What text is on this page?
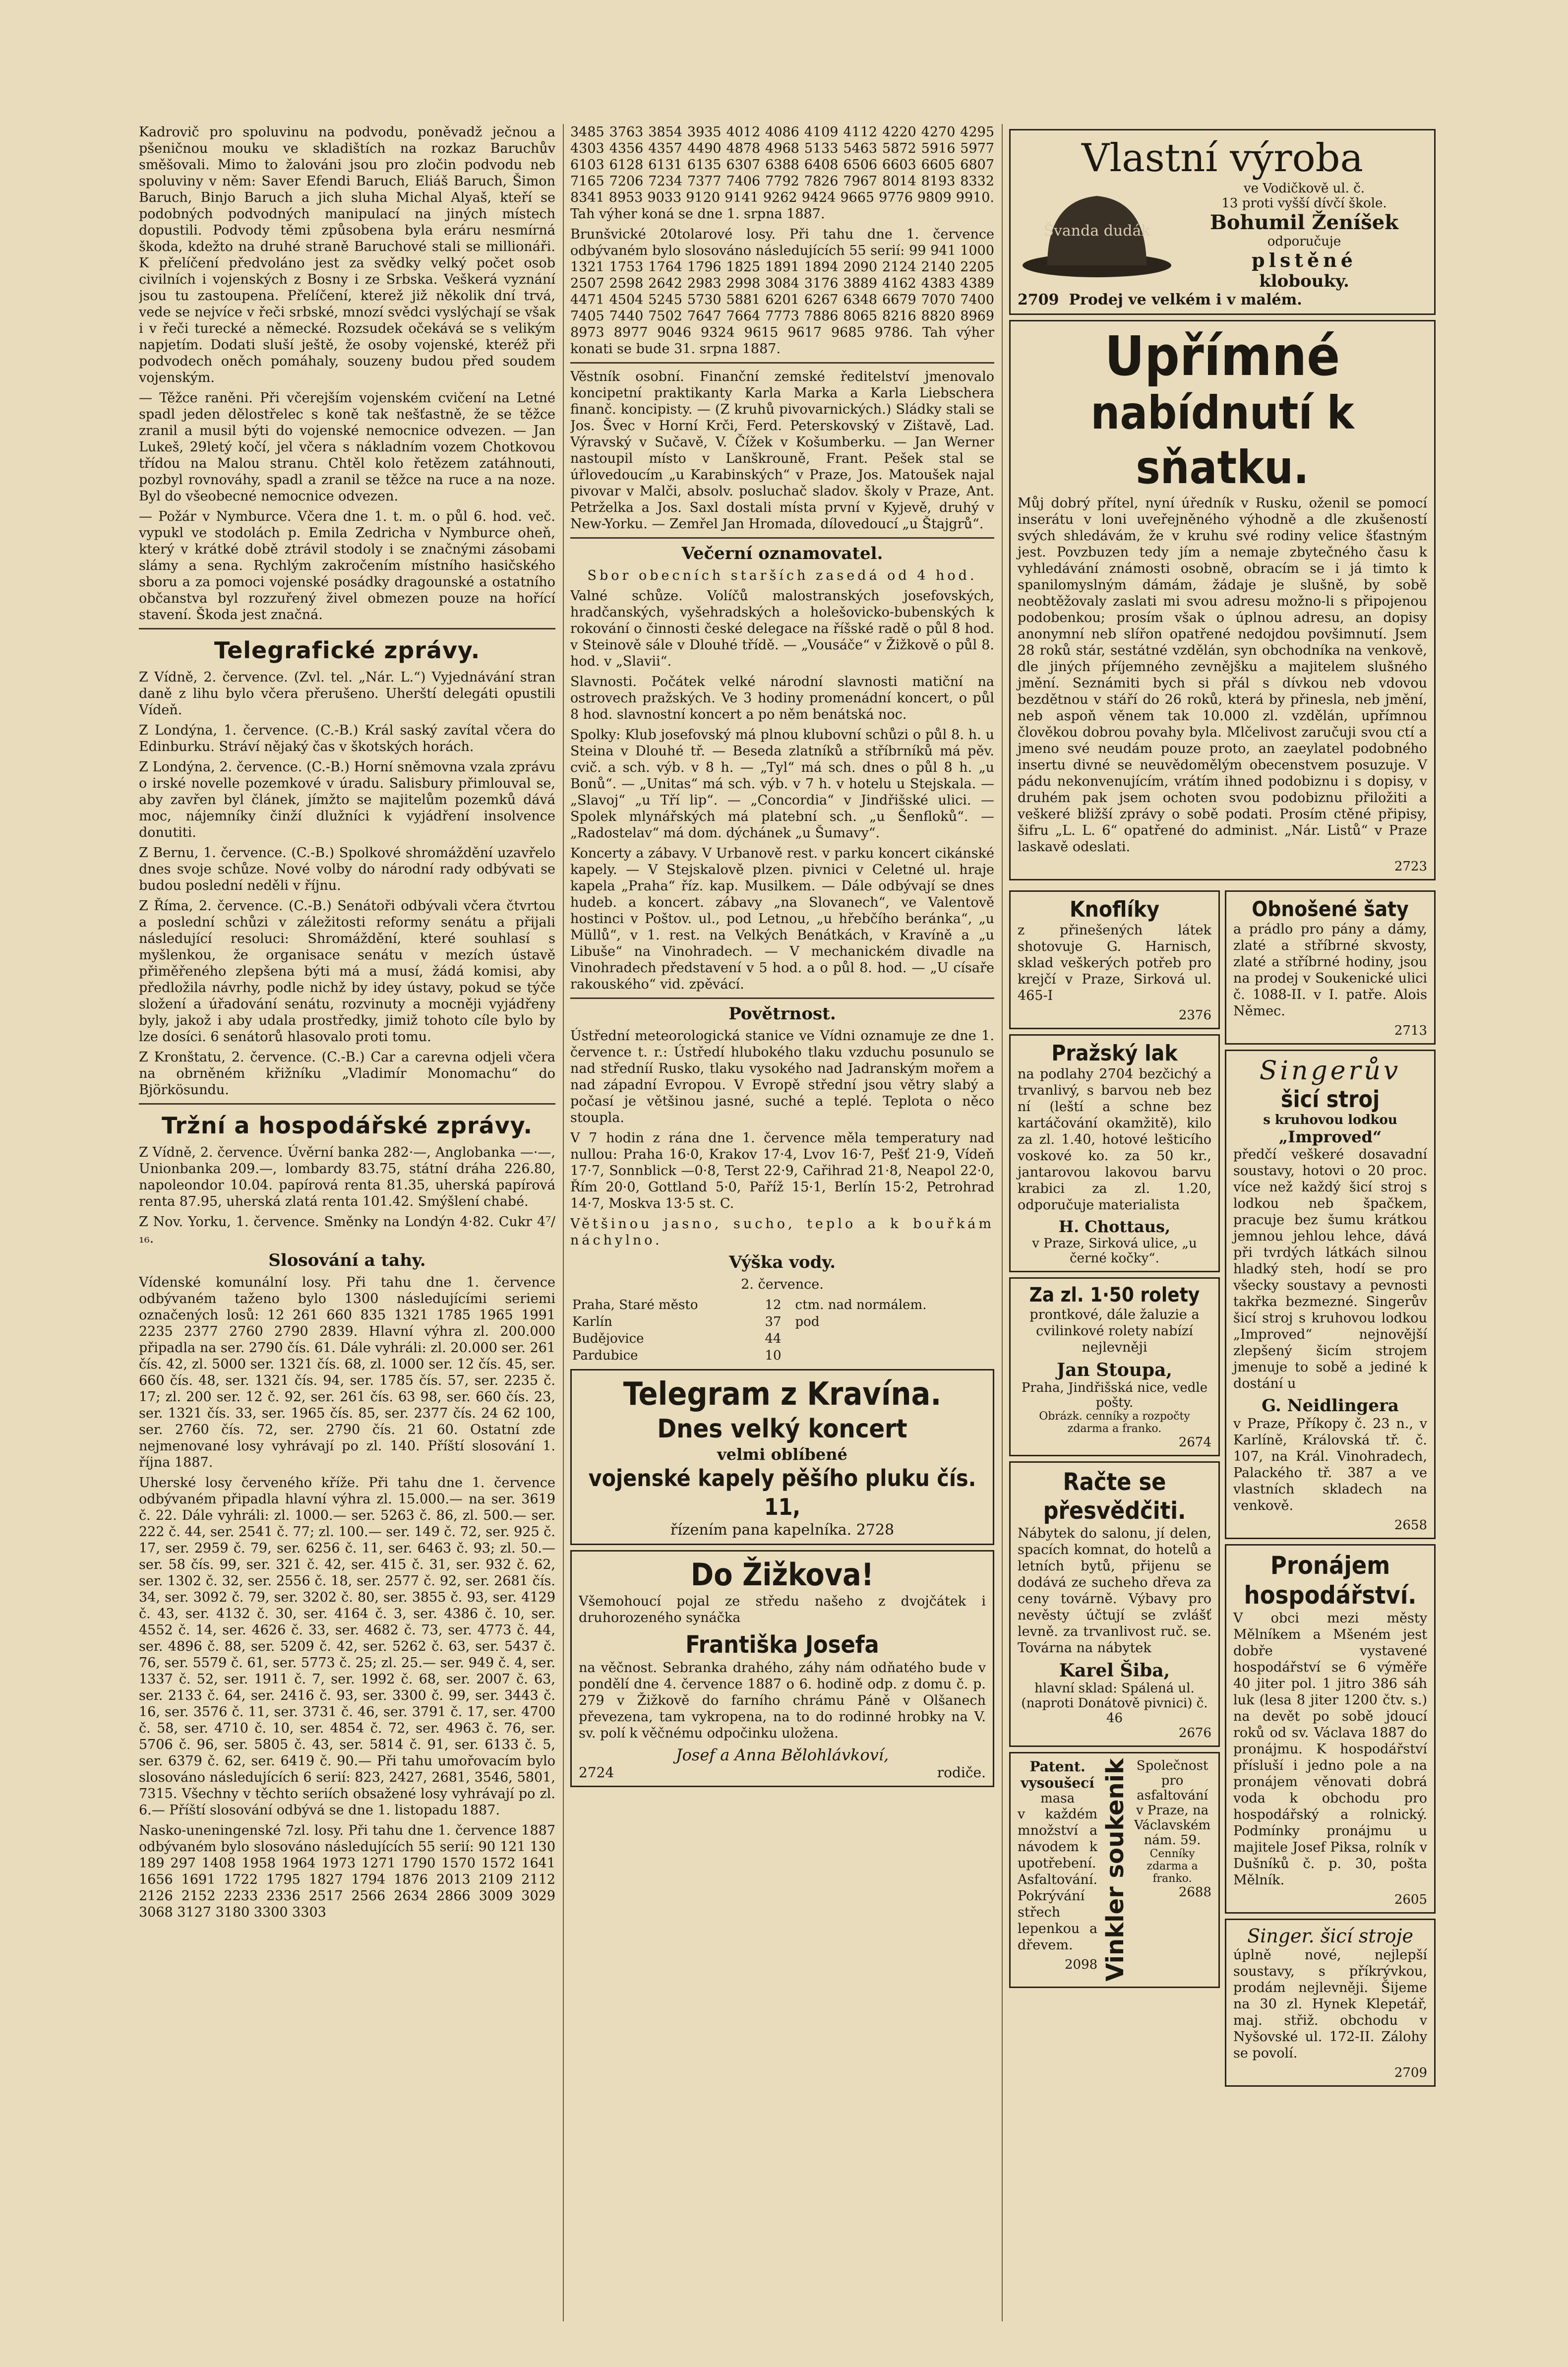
Kadrovič pro spoluvinu na podvodu, poněvadž ječnou a pšeničnou mouku ve skladištích na rozkaz Baruchův směšovali. Mimo to žalováni jsou pro zločin podvodu neb spoluviny v něm: Saver Efendi Baruch, Eliáš Baruch, Šimon Baruch, Binjo Baruch a jich sluha Michal Alyaš, kteří se podobných podvodných manipulací na jiných místech dopustili. Podvody těmi způsobena byla eráru nesmírná škoda, kdežto na druhé straně Baruchové stali se millionáři. K přelíčení předvoláno jest za svědky velký počet osob civilních i vojenských z Bosny i ze Srbska. Veškerá vyznání jsou tu zastoupena. Přelíčení, kterež již několik dní trvá, vede se nejvíce v řeči srbské, mnozí svědci vyslýchají se však i v řeči turecké a německé. Rozsudek očekává se s velikým napjetím. Dodati sluší ještě, že osoby vojenské, kteréž při podvodech oněch pomáhaly, souzeny budou před soudem vojenským.

— Těžce raněni. Při včerejším vojenském cvičení na Letné spadl jeden dělostřelec s koně tak nešťastně, že se těžce zranil a musil býti do vojenské nemocnice odvezen. — Jan Lukeš, 29letý kočí, jel včera s nákladním vozem Chotkovou třídou na Malou stranu. Chtěl kolo řetězem zatáhnouti, pozbyl rovnováhy, spadl a zranil se těžce na ruce a na noze. Byl do všeobecné nemocnice odvezen.

— Požár v Nymburce. Včera dne 1. t. m. o půl 6. hod. več. vypukl ve stodolách p. Emila Zedricha v Nymburce oheň, který v krátké době ztrávil stodoly i se značnými zásobami slámy a sena. Rychlým zakročením místního hasičského sboru a za pomoci vojenské posádky dragounské a ostatního občanstva byl rozzuřený živel obmezen pouze na hořící stavení. Škoda jest značná.

Telegrafické zprávy.

Z Vídně, 2. července. (Zvl. tel. „Nár. L.“) Vyjednávání stran daně z lihu bylo včera přerušeno. Uherští delegáti opustili Vídeň.

Z Londýna, 1. července. (C.-B.) Král saský zavítal včera do Edinburku. Stráví nějaký čas v škotských horách.

Z Londýna, 2. července. (C.-B.) Horní sněmovna vzala zprávu o irské novelle pozemkové v úradu. Salisbury přimlouval se, aby zavřen byl článek, jímžto se majitelům pozemků dává moc, nájemníky činží dlužníci k vyjádření insolvence donutiti.

Z Bernu, 1. července. (C.-B.) Spolkové shromáždění uzavřelo dnes svoje schůze. Nové volby do národní rady odbývati se budou poslední neděli v říjnu.

Z Říma, 2. července. (C.-B.) Senátoři odbývali včera čtvrtou a poslední schůzi v záležitosti reformy senátu a přijali následující resoluci: Shromáždění, které souhlasí s myšlenkou, že organisace senátu v mezích ústavě přiměřeného zlepšena býti má a musí, žádá komisi, aby předložila návrhy, podle nichž by idey ústavy, pokud se týče složení a úřadování senátu, rozvinuty a mocněji vyjádřeny byly, jakož i aby udala prostředky, jimiž tohoto cíle bylo by lze dosíci. 6 senátorů hlasovalo proti tomu.

Z Kronštatu, 2. července. (C.-B.) Car a carevna odjeli včera na obrněném křižníku „Vladimír Monomachu“ do Björkösundu.

Tržní a hospodářské zprávy.

Z Vídně, 2. července. Úvěrní banka 282·—, Anglobanka —·—, Unionbanka 209.—, lombardy 83.75, státní dráha 226.80, napoleondor 10.04. papírová renta 81.35, uherská papírová renta 87.95, uherská zlatá renta 101.42. Smýšlení chabé.

Z Nov. Yorku, 1. července. Směnky na Londýn 4·82. Cukr 4⁷/₁₆.

Slosování a tahy.

Vídenské komunální losy. Při tahu dne 1. července odbývaném taženo bylo 1300 následujícími seriemi označených losů: 12 261 660 835 1321 1785 1965 1991 2235 2377 2760 2790 2839. Hlavní výhra zl. 200.000 připadla na ser. 2790 čís. 61. Dále vyhráli: zl. 20.000 ser. 261 čís. 42, zl. 5000 ser. 1321 čís. 68, zl. 1000 ser. 12 čís. 45, ser. 660 čís. 48, ser. 1321 čís. 94, ser. 1785 čís. 57, ser. 2235 č. 17; zl. 200 ser. 12 č. 92, ser. 261 čís. 63 98, ser. 660 čís. 23, ser. 1321 čís. 33, ser. 1965 čís. 85, ser. 2377 čís. 24 62 100, ser. 2760 čís. 72, ser. 2790 čís. 21 60. Ostatní zde nejmenované losy vyhrávají po zl. 140. Příští slosování 1. října 1887.

Uherské losy červeného kříže. Při tahu dne 1. července odbývaném připadla hlavní výhra zl. 15.000.— na ser. 3619 č. 22. Dále vyhráli: zl. 1000.— ser. 5263 č. 86, zl. 500.— ser. 222 č. 44, ser. 2541 č. 77; zl. 100.— ser. 149 č. 72, ser. 925 č. 17, ser. 2959 č. 79, ser. 6256 č. 11, ser. 6463 č. 93; zl. 50.— ser. 58 čís. 99, ser. 321 č. 42, ser. 415 č. 31, ser. 932 č. 62, ser. 1302 č. 32, ser. 2556 č. 18, ser. 2577 č. 92, ser. 2681 čís. 34, ser. 3092 č. 79, ser. 3202 č. 80, ser. 3855 č. 93, ser. 4129 č. 43, ser. 4132 č. 30, ser. 4164 č. 3, ser. 4386 č. 10, ser. 4552 č. 14, ser. 4626 č. 33, ser. 4682 č. 73, ser. 4773 č. 44, ser. 4896 č. 88, ser. 5209 č. 42, ser. 5262 č. 63, ser. 5437 č. 76, ser. 5579 č. 61, ser. 5773 č. 25; zl. 25.— ser. 949 č. 4, ser. 1337 č. 52, ser. 1911 č. 7, ser. 1992 č. 68, ser. 2007 č. 63, ser. 2133 č. 64, ser. 2416 č. 93, ser. 3300 č. 99, ser. 3443 č. 16, ser. 3576 č. 11, ser. 3731 č. 46, ser. 3791 č. 17, ser. 4700 č. 58, ser. 4710 č. 10, ser. 4854 č. 72, ser. 4963 č. 76, ser. 5706 č. 96, ser. 5805 č. 43, ser. 5814 č. 91, ser. 6133 č. 5, ser. 6379 č. 62, ser. 6419 č. 90.— Při tahu umořovacím bylo slosováno následujících 6 serií: 823, 2427, 2681, 3546, 5801, 7315. Všechny v těchto seriích obsažené losy vyhrávají po zl. 6.— Příští slosování odbývá se dne 1. listopadu 1887.

Nasko-uneningenské 7zl. losy. Při tahu dne 1. července 1887 odbývaném bylo slosováno následujících 55 serií: 90 121 130 189 297 1408 1958 1964 1973 1271 1790 1570 1572 1641 1656 1691 1722 1795 1827 1794 1876 2013 2109 2112 2126 2152 2233 2336 2517 2566 2634 2866 3009 3029 3068 3127 3180 3300 3303

3485 3763 3854 3935 4012 4086 4109 4112 4220 4270 4295 4303 4356 4357 4490 4878 4968 5133 5463 5872 5916 5977 6103 6128 6131 6135 6307 6388 6408 6506 6603 6605 6807 7165 7206 7234 7377 7406 7792 7826 7967 8014 8193 8332 8341 8953 9033 9120 9141 9262 9424 9665 9776 9809 9910. Tah výher koná se dne 1. srpna 1887.

Brunšvické 20tolarové losy. Při tahu dne 1. července odbývaném bylo slosováno následujících 55 serií: 99 941 1000 1321 1753 1764 1796 1825 1891 1894 2090 2124 2140 2205 2507 2598 2642 2983 2998 3084 3176 3889 4162 4383 4389 4471 4504 5245 5730 5881 6201 6267 6348 6679 7070 7400 7405 7440 7502 7647 7664 7773 7886 8065 8216 8820 8969 8973 8977 9046 9324 9615 9617 9685 9786. Tah výher konati se bude 31. srpna 1887.

Věstník osobní. Finanční zemské ředitelství jmenovalo koncipetní praktikanty Karla Marka a Karla Liebschera finanč. koncipisty. — (Z kruhů pivovarnických.) Sládky stali se Jos. Švec v Horní Krči, Ferd. Peterskovský v Zištavě, Lad. Výravský v Sučavě, V. Čížek v Košumberku. — Jan Werner nastoupil místo v Lanškrouně, Frant. Pešek stal se úřlovedoucím „u Karabinských“ v Praze, Jos. Matoušek najal pivovar v Malči, absolv. posluchač sladov. školy v Praze, Ant. Petrželka a Jos. Saxl dostali místa první v Kyjevě, druhý v New-Yorku. — Zemřel Jan Hromada, dílovedoucí „u Štajgrů“.

Večerní oznamovatel.

Sbor obecních starších zasedá od 4 hod.

Valné schůze. Volíčů malostranských josefovských, hradčanských, vyšehradských a holešovicko-bubenských k rokování o činnosti české delegace na říšské radě o půl 8 hod. v Steinově sále v Dlouhé třídě. — „Vousáče“ v Žižkově o půl 8. hod. v „Slavii“.

Slavnosti. Počátek velké národní slavnosti matiční na ostrovech pražských. Ve 3 hodiny promenádní koncert, o půl 8 hod. slavnostní koncert a po něm benátská noc.

Spolky: Klub josefovský má plnou klubovní schůzi o půl 8. h. u Steina v Dlouhé tř. — Beseda zlatníků a stříbrníků má pěv. cvič. a sch. výb. v 8 h. — „Tyl“ má sch. dnes o půl 8 h. „u Bonů“. — „Unitas“ má sch. výb. v 7 h. v hotelu u Stejskala. — „Slavoj“ „u Tří lip“. — „Concordia“ v Jindřišské ulici. — Spolek mlynářských má platební sch. „u Šenfloků“. — „Radostelav“ má dom. dýchánek „u Šumavy“.

Koncerty a zábavy. V Urbanově rest. v parku koncert cikánské kapely. — V Stejskalově plzen. pivnici v Celetné ul. hraje kapela „Praha“ říz. kap. Musilkem. — Dále odbývají se dnes hudeb. a koncert. zábavy „na Slovanech“, ve Valentově hostinci v Poštov. ul., pod Letnou, „u hřebčího beránka“, „u Müllů“, v 1. rest. na Velkých Benátkách, v Kravíně a „u Libuše“ na Vinohradech. — V mechanickém divadle na Vinohradech představení v 5 hod. a o půl 8. hod. — „U císaře rakouského“ vid. zpěvácí.

Povětrnost.

Ústřední meteorologická stanice ve Vídni oznamuje ze dne 1. července t. r.: Ústředí hlubokého tlaku vzduchu posunulo se nad středníí Rusko, tlaku vysokého nad Jadranským mořem a nad západní Evropou. V Evropě střední jsou větry slabý a počasí je většinou jasné, suché a teplé. Teplota o něco stoupla.

V 7 hodin z rána dne 1. července měla temperatury nad nullou: Praha 16·0, Krakov 17·4, Lvov 16·7, Pešť 21·9, Vídeň 17·7, Sonnblick —0·8, Terst 22·9, Cařihrad 21·8, Neapol 22·0, Řím 20·0, Gottland 5·0, Paříž 15·1, Berlín 15·2, Petrohrad 14·7, Moskva 13·5 st. C.

Většinou jasno, sucho, teplo a k bouřkám náchylno.

Výška vody.

2. července.

Praha, Staré město	12	ctm. nad normálem.
Karlín	37	pod
Budějovice	44	
Pardubice	10	
Telegram z Kravína.
Dnes velký koncert
velmi oblíbené
vojenské kapely pěšího pluku čís. 11,
řízením pana kapelníka. 2728
Do Žižkova!

Všemohoucí pojal ze středu našeho z dvojčátek i druhorozeného synáčka

Františka Josefa

na věčnost. Sebranka drahého, záhy nám odňatého bude v pondělí dne 4. července 1887 o 6. hodině odp. z domu č. p. 279 v Žižkově do farního chrámu Páně v Olšanech převezena, tam vykropena, na to do rodinné hrobky na V. sv. polí k věčnému odpočinku uložena.

Josef a Anna Bělohlávkoví,
2724	rodiče.
Vlastní výroba
Švanda dudák
ve Vodičkově ul. č.
13 proti vyšší dívčí škole.
Bohumil Ženíšek
odporučuje
plstěné
klobouky.
2709 Prodej ve velkém i v malém.
Upřímné
nabídnutí k sňatku.

Můj dobrý přítel, nyní úředník v Rusku, oženil se pomocí inserátu v loni uveřejněného výhodně a dle zkušeností svých shledávám, že v kruhu své rodiny velice šťastným jest. Povzbuzen tedy jím a nemaje zbytečného času k vyhledávání známosti osobně, obracím se i já timto k spanilomyslným dámám, žádaje je slušně, by sobě neobtěžovaly zaslati mi svou adresu možno-li s připojenou podobenkou; prosím však o úplnou adresu, an dopisy anonymní neb slířon opatřené nedojdou povšimnutí. Jsem 28 roků stár, sestátné vzdělán, syn obchodníka na venkově, dle jiných příjemného zevnějšku a majitelem slušného jmění. Seznámiti bych si přál s dívkou neb vdovou bezdětnou v stáří do 26 roků, která by přinesla, neb jmění, neb aspoň věnem tak 10.000 zl. vzdělán, upřímnou člověkou dobrou povahy byla. Mlčelivost zaručuji svou ctí a jmeno své neudám pouze proto, an zaeylatel podobného insertu divné se neuvědomělým obecenstvem posuzuje. V pádu nekonvenujícím, vrátím ihned podobiznu i s dopisy, v druhém pak jsem ochoten svou podobiznu přiložiti a veškeré bližší zprávy o sobě podati. Prosím ctěné připisy, šifru „L. L. 6“ opatřené do administ. „Nár. Listů“ v Praze laskavě odeslati.

2723
Knoflíky

z přinešených látek shotovuje G. Harnisch, sklad veškerých potřeb pro krejčí v Praze, Sirková ul. 465-I

2376
Pražský lak

na podlahy 2704 bezčichý a trvanlivý, s barvou neb bez ní (leští a schne bez kartáčování okamžitě), kilo za zl. 1.40, hotové lešticího voskové ko. za 50 kr., jantarovou lakovou barvu krabici za zl. 1.20, odporučuje materialista

H. Chottaus,
v Praze, Sirková ulice, „u černé kočky“.
Za zl. 1·50 rolety

prontkové, dále žaluzie a cvilinkové rolety nabízí nejlevněji

Jan Stoupa,
Praha, Jindřišská nice, vedle pošty.
Obrázk. cenníky a rozpočty zdarma a franko.
2674
Račte se přesvědčiti.

Nábytek do salonu, jí delen, spacích komnat, do hotelů a letních bytů, přijenu se dodává ze sucheho dřeva za ceny továrně. Výbavy pro nevěsty účtují se zvlášť levně. za trvanlivost ruč. se. Továrna na nábytek

Karel Šiba,
hlavní sklad: Spálená ul. (naproti Donátově pivnici) č. 46
2676
Patent. vysoušecí
masa

v každém množství a návodem k upotřebení. Asfaltování. Pokrývání střech lepenkou a dřevem.

2098 Vinkler soukenik Společnost pro asfaltování v Praze, na Václavském nám. 59.
Cenníky zdarma a franko.
2688
Obnošené šaty

a prádlo pro pány a dámy, zlaté a stříbrné skvosty, zlaté a stříbrné hodiny, jsou na prodej v Soukenické ulici č. 1088-II. v I. patře. Alois Němec.

2713
Singerův
šicí stroj
s kruhovou lodkou
„Improved“

předčí veškeré dosavadní soustavy, hotovi o 20 proc. více než každý šicí stroj s lodkou neb špačkem, pracuje bez šumu krátkou jemnou jehlou lehce, dává při tvrdých látkách silnou hladký steh, hodí se pro všecky soustavy a pevnosti takřka bezmezné. Singerův šicí stroj s kruhovou lodkou „Improved“ nejnovější zlepšený šicím strojem jmenuje to sobě a jediné k dostání u

G. Neidlingera

v Praze, Příkopy č. 23 n., v Karlíně, Královská tř. č. 107, na Král. Vinohradech, Palackého tř. 387 a ve vlastních skladech na venkově.

2658
Pronájem hospodářství.

V obci mezi městy Mělníkem a Mšeném jest dobře vystavené hospodářství se 6 výměře 40 jiter pol. 1 jitro 386 sáh luk (lesa 8 jiter 1200 čtv. s.) na devět po sobě jdoucí roků od sv. Václava 1887 do pronájmu. K hospodářství přísluší i jedno pole a na pronájem věnovati dobrá voda k obchodu pro hospodářský a rolnický. Podmínky pronájmu u majitele Josef Piksa, rolník v Dušníků č. p. 30, pošta Mělník.

2605
Singer. šicí stroje

úplně nové, nejlepší soustavy, s příkrývkou, prodám nejlevněji. Šijeme na 30 zl. Hynek Klepetář, maj. střiž. obchodu v Nyšovské ul. 172-II. Zálohy se povolí.

2709
